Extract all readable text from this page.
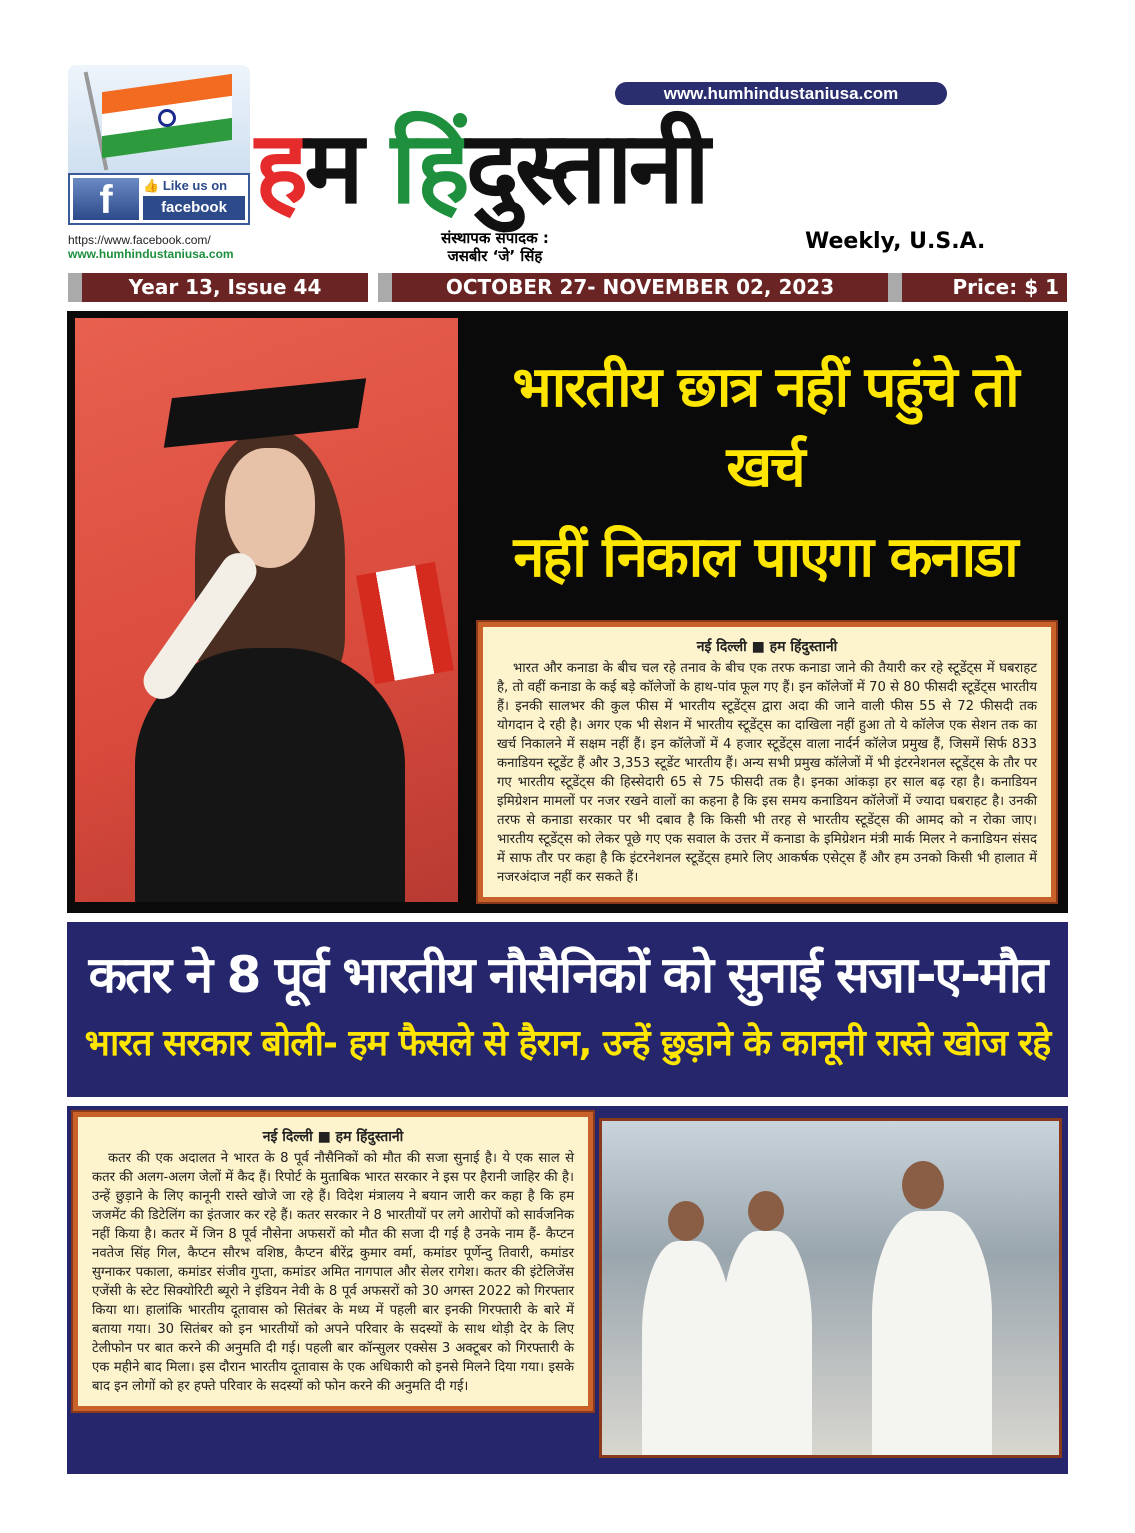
f	👍 Like us on
facebook
https://www.facebook.com/
www.humhindustaniusa.com
www.humhindustaniusa.com
हम हिंदुस्तानी
संस्थापक संपादक :
जसबीर ‘जे’ सिंह
Weekly, U.S.A.
Year 13, Issue 44	OCTOBER 27- NOVEMBER 02, 2023	Price: $ 1
भारतीय छात्र नहीं पहुंचे तो खर्च
नहीं निकाल पाएगा कनाडा
नई दिल्ली ■ हम हिंदुस्तानी
भारत और कनाडा के बीच चल रहे तनाव के बीच एक तरफ कनाडा जाने की तैयारी कर रहे स्टूडेंट्स में घबराहट है, तो वहीं कनाडा के कई बड़े कॉलेजों के हाथ-पांव फूल गए हैं। इन कॉलेजों में 70 से 80 फीसदी स्टूडेंट्स भारतीय हैं। इनकी सालभर की कुल फीस में भारतीय स्टूडेंट्स द्वारा अदा की जाने वाली फीस 55 से 72 फीसदी तक योगदान दे रही है। अगर एक भी सेशन में भारतीय स्टूडेंट्स का दाखिला नहीं हुआ तो ये कॉलेज एक सेशन तक का खर्च निकालने में सक्षम नहीं हैं। इन कॉलेजों में 4 हजार स्टूडेंट्स वाला नार्दर्न कॉलेज प्रमुख हैं, जिसमें सिर्फ 833 कनाडियन स्टूडेंट हैं और 3,353 स्टूडेंट भारतीय हैं। अन्य सभी प्रमुख कॉलेजों में भी इंटरनेशनल स्टूडेंट्स के तौर पर गए भारतीय स्टूडेंट्स की हिस्सेदारी 65 से 75 फीसदी तक है। इनका आंकड़ा हर साल बढ़ रहा है। कनाडियन इमिग्रेशन मामलों पर नजर रखने वालों का कहना है कि इस समय कनाडियन कॉलेजों में ज्यादा घबराहट है। उनकी तरफ से कनाडा सरकार पर भी दबाव है कि किसी भी तरह से भारतीय स्टूडेंट्स की आमद को न रोका जाए। भारतीय स्टूडेंट्स को लेकर पूछे गए एक सवाल के उत्तर में कनाडा के इमिग्रेशन मंत्री मार्क मिलर ने कनाडियन संसद में साफ तौर पर कहा है कि इंटरनेशनल स्टूडेंट्स हमारे लिए आकर्षक एसेट्स हैं और हम उनको किसी भी हालात में नजरअंदाज नहीं कर सकते हैं।
कतर ने 8 पूर्व भारतीय नौसैनिकों को सुनाई सजा-ए-मौत
भारत सरकार बोली- हम फैसले से हैरान, उन्हें छुड़ाने के कानूनी रास्ते खोज रहे
नई दिल्ली ■ हम हिंदुस्तानी
कतर की एक अदालत ने भारत के 8 पूर्व नौसैनिकों को मौत की सजा सुनाई है। ये एक साल से कतर की अलग-अलग जेलों में कैद हैं। रिपोर्ट के मुताबिक भारत सरकार ने इस पर हैरानी जाहिर की है। उन्हें छुड़ाने के लिए कानूनी रास्ते खोजे जा रहे हैं। विदेश मंत्रालय ने बयान जारी कर कहा है कि हम जजमेंट की डिटेलिंग का इंतजार कर रहे हैं। कतर सरकार ने 8 भारतीयों पर लगे आरोपों को सार्वजनिक नहीं किया है। कतर में जिन 8 पूर्व नौसेना अफसरों को मौत की सजा दी गई है उनके नाम हैं- कैप्टन नवतेज सिंह गिल, कैप्टन सौरभ वशिष्ठ, कैप्टन बीरेंद्र कुमार वर्मा, कमांडर पूर्णेन्दु तिवारी, कमांडर सुग्नाकर पकाला, कमांडर संजीव गुप्ता, कमांडर अमित नागपाल और सेलर रागेश। कतर की इंटेलिजेंस एजेंसी के स्टेट सिक्योरिटी ब्यूरो ने इंडियन नेवी के 8 पूर्व अफसरों को 30 अगस्त 2022 को गिरफ्तार किया था। हालांकि भारतीय दूतावास को सितंबर के मध्य में पहली बार इनकी गिरफ्तारी के बारे में बताया गया। 30 सितंबर को इन भारतीयों को अपने परिवार के सदस्यों के साथ थोड़ी देर के लिए टेलीफोन पर बात करने की अनुमति दी गई। पहली बार कॉन्सुलर एक्सेस 3 अक्टूबर को गिरफ्तारी के एक महीने बाद मिला। इस दौरान भारतीय दूतावास के एक अधिकारी को इनसे मिलने दिया गया। इसके बाद इन लोगों को हर हफ्ते परिवार के सदस्यों को फोन करने की अनुमति दी गई।
